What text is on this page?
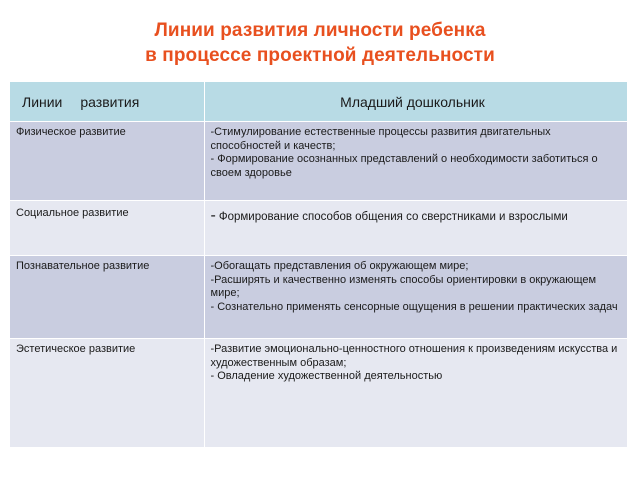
Линии развития личности ребенка
в процессе проектной деятельности
Линии развития	Младший дошкольник
Физическое развитие	-Стимулирование естественные процессы развития двигательных способностей и качеств;
- Формирование осознанных представлений о необходимости заботиться о своем здоровье

Социальное развитие	- Формирование способов общения со сверстниками и взрослыми
Познавательное развитие	-Обогащать представления об окружающем мире;
-Расширять и качественно изменять способы ориентировки в окружающем мире;
- Сознательно применять сенсорные ощущения в решении практических задач

Эстетическое развитие	-Развитие эмоционально-ценностного отношения к произведениям искусства и художественным образам;
- Овладение художественной деятельностью
